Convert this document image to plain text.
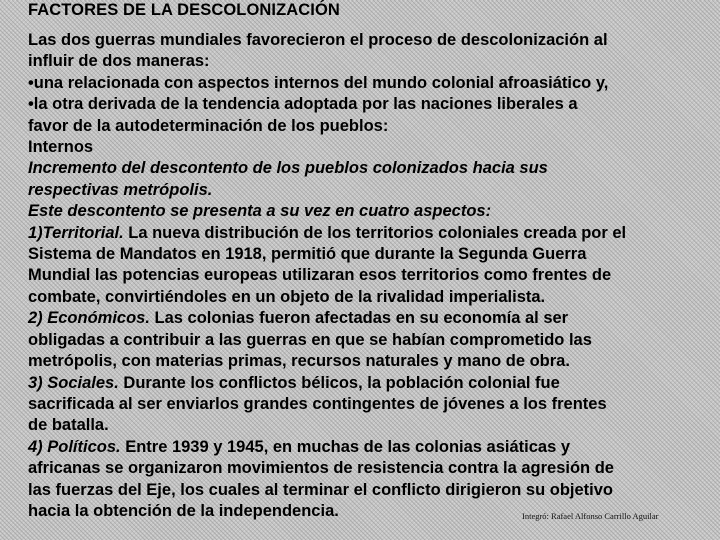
FACTORES DE LA DESCOLONIZACIÓN
Las dos guerras mundiales favorecieron el proceso de descolonización al
influir de dos maneras:
•una relacionada con aspectos internos del mundo colonial afroasiático y,
•la otra derivada de la tendencia adoptada por las naciones liberales a
favor de la autodeterminación de los pueblos:
Internos
Incremento del descontento de los pueblos colonizados hacia sus
respectivas metrópolis.
Este descontento se presenta a su vez en cuatro aspectos:
1)Territorial. La nueva distribución de los territorios coloniales creada por el
Sistema de Mandatos en 1918, permitió que durante la Segunda Guerra
Mundial las potencias europeas utilizaran esos territorios como frentes de
combate, convirtiéndoles en un objeto de la rivalidad imperialista.
2) Económicos. Las colonias fueron afectadas en su economía al ser
obligadas a contribuir a las guerras en que se habían comprometido las
metrópolis, con materias primas, recursos naturales y mano de obra.
3) Sociales. Durante los conflictos bélicos, la población colonial fue
sacrificada al ser enviarlos grandes contingentes de jóvenes a los frentes
de batalla.
4) Políticos. Entre 1939 y 1945, en muchas de las colonias asiáticas y
africanas se organizaron movimientos de resistencia contra la agresión de
las fuerzas del Eje, los cuales al terminar el conflicto dirigieron su objetivo
hacia la obtención de la independencia.	Integró: Rafael Alfonso Carrillo Aguilar
